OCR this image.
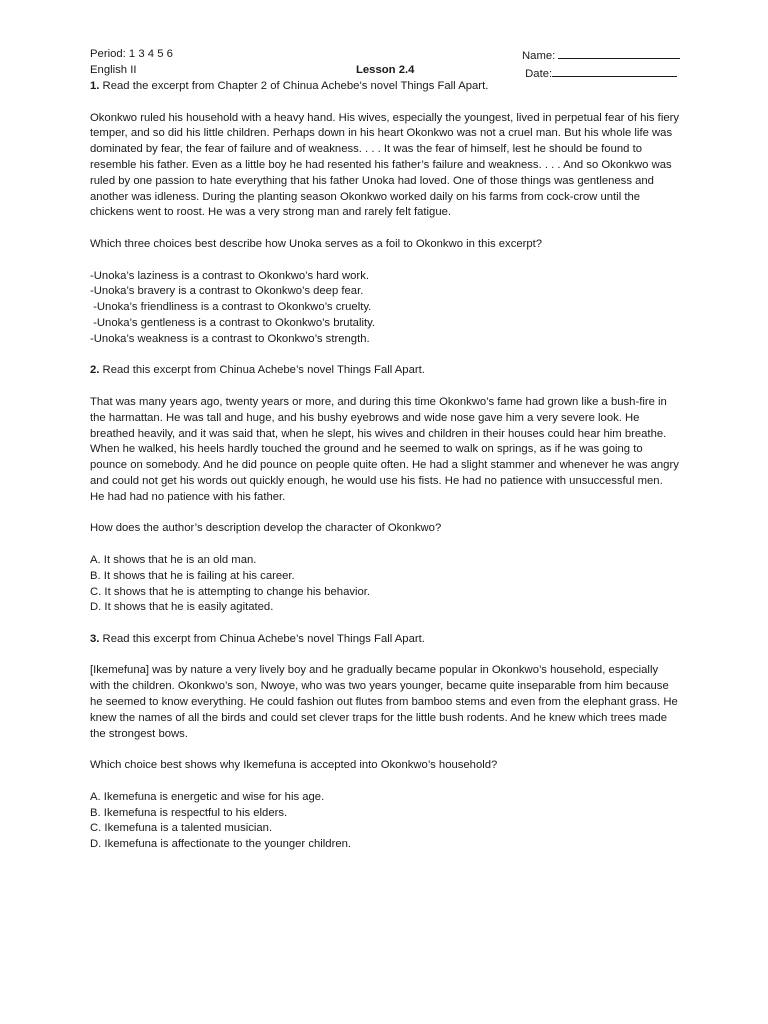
Period: 1 3 4 5 6
English II	Lesson 2.4
Name:
Date:

1. Read the excerpt from Chapter 2 of Chinua Achebe’s novel Things Fall Apart.

Okonkwo ruled his household with a heavy hand. His wives, especially the youngest, lived in perpetual fear of his fiery temper, and so did his little children. Perhaps down in his heart Okonkwo was not a cruel man. But his whole life was dominated by fear, the fear of failure and of weakness. . . . It was the fear of himself, lest he should be found to resemble his father. Even as a little boy he had resented his father’s failure and weakness. . . . And so Okonkwo was ruled by one passion to hate everything that his father Unoka had loved. One of those things was gentleness and another was idleness. During the planting season Okonkwo worked daily on his farms from cock-crow until the chickens went to roost. He was a very strong man and rarely felt fatigue.

Which three choices best describe how Unoka serves as a foil to Okonkwo in this excerpt?

-Unoka’s laziness is a contrast to Okonkwo’s hard work.
-Unoka’s bravery is a contrast to Okonkwo’s deep fear.
-Unoka’s friendliness is a contrast to Okonkwo’s cruelty.
-Unoka’s gentleness is a contrast to Okonkwo’s brutality.
-Unoka’s weakness is a contrast to Okonkwo’s strength.

2. Read this excerpt from Chinua Achebe’s novel Things Fall Apart.

That was many years ago, twenty years or more, and during this time Okonkwo’s fame had grown like a bush-fire in the harmattan. He was tall and huge, and his bushy eyebrows and wide nose gave him a very severe look. He breathed heavily, and it was said that, when he slept, his wives and children in their houses could hear him breathe. When he walked, his heels hardly touched the ground and he seemed to walk on springs, as if he was going to pounce on somebody. And he did pounce on people quite often. He had a slight stammer and whenever he was angry and could not get his words out quickly enough, he would use his fists. He had no patience with unsuccessful men. He had had no patience with his father.

How does the author’s description develop the character of Okonkwo?

A. It shows that he is an old man.
B. It shows that he is failing at his career.
C. It shows that he is attempting to change his behavior.
D. It shows that he is easily agitated.

3. Read this excerpt from Chinua Achebe’s novel Things Fall Apart.

[Ikemefuna] was by nature a very lively boy and he gradually became popular in Okonkwo’s household, especially with the children. Okonkwo’s son, Nwoye, who was two years younger, became quite inseparable from him because he seemed to know everything. He could fashion out flutes from bamboo stems and even from the elephant grass. He knew the names of all the birds and could set clever traps for the little bush rodents. And he knew which trees made the strongest bows.

Which choice best shows why Ikemefuna is accepted into Okonkwo’s household?

A. Ikemefuna is energetic and wise for his age.
B. Ikemefuna is respectful to his elders.
C. Ikemefuna is a talented musician.
D. Ikemefuna is affectionate to the younger children.
